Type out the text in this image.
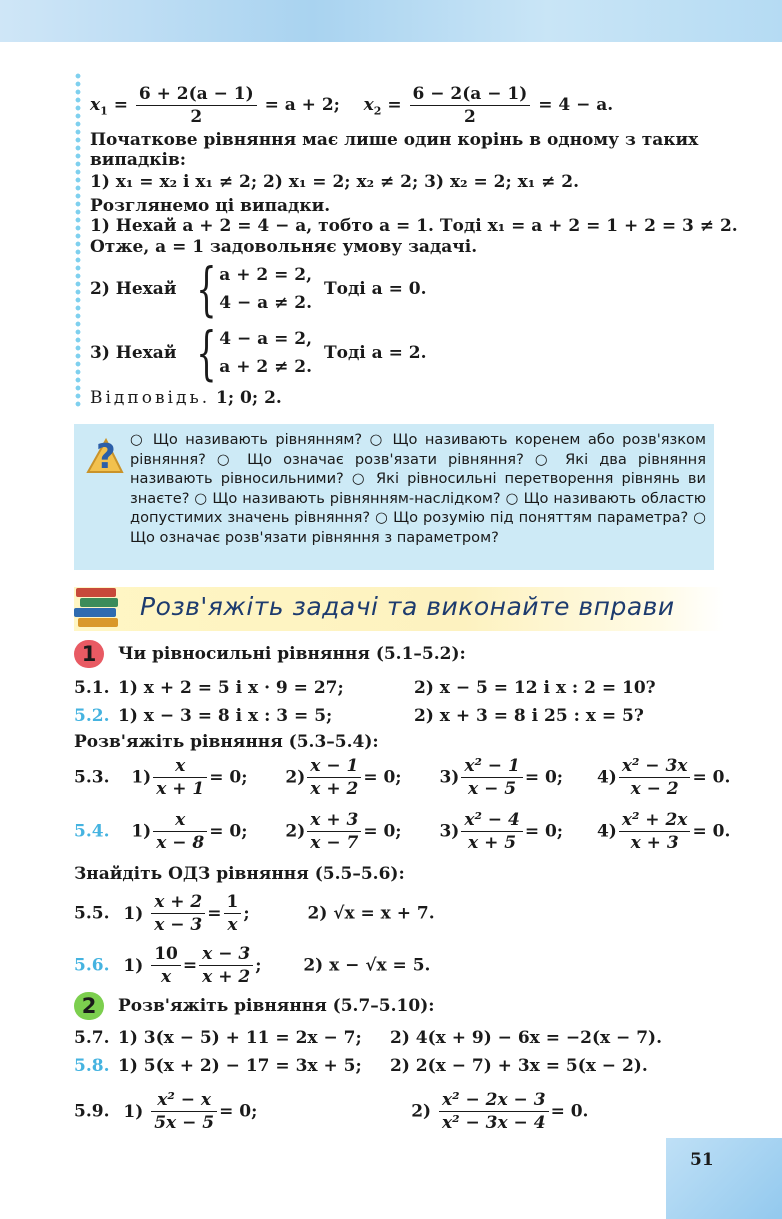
$x_1 = \frac{6 + 2(a - 1)}{2} = a + 2$; $x_2 = \frac{6 - 2(a - 1)}{2} = 4 - a$.
Початкове рівняння має лише один корінь в одному з таких
випадків:
1) x₁ = x₂ і x₁ ≠ 2; 2) x₁ = 2; x₂ ≠ 2; 3) x₂ = 2; x₁ ≠ 2.
Розглянемо ці випадки.
1) Нехай a + 2 = 4 − a, тобто a = 1. Тоді x₁ = a + 2 = 1 + 2 = 3 ≠ 2.
Отже, a = 1 задовольняє умову задачі.
2) Нехай { a + 2 = 2,
4 − a ≠ 2.
Тоді a = 0.
3) Нехай { 4 − a = 2,
a + 2 ≠ 2.
Тоді a = 2.
Відповідь. 1; 0; 2.
? ○ Що називають рівнянням? ○ Що називають коренем або розв'язком рівняння? ○ Що означає розв'язати рівняння? ○ Які два рівняння називають рівносильними? ○ Які рівносильні перетворення рівнянь ви знаєте? ○ Що називають рівнянням-наслідком? ○ Що називають областю допустимих значень рівняння? ○ Що розумію під поняттям параметра? ○ Що означає розв'язати рівняння з параметром?
Розв'яжіть задачі та виконайте вправи
1	Чи рівносильні рівняння (5.1–5.2):
5.1. 1) x + 2 = 5 і x · 9 = 27;	2) x − 5 = 12 і x : 2 = 10?
5.2. 1) x − 3 = 8 і x : 3 = 5;	2) x + 3 = 8 і 25 : x = 5?
Розв'яжіть рівняння (5.3–5.4):
5.3. $1) \frac{x}{x + 1} = 0$; $2) \frac{x - 1}{x + 2} = 0$; $3) \frac{\text{x² − 1}}{x - 5} = 0$; $4) \frac{\text{x² − 3x}}{x - 2} = 0$.
5.4. $1) \frac{x}{x - 8} = 0$; $2) \frac{x + 3}{x - 7} = 0$; $3) \frac{\text{x² − 4}}{x + 5} = 0$; $4) \frac{\text{x² + 2x}}{x + 3} = 0$.
Знайдіть ОДЗ рівняння (5.5–5.6):
5.5. $1) \frac{x + 2}{x - 3} = \frac{1}{x}$ ;	2) √x = x + 7.
5.6. $1) \frac{10}{x} = \frac{x - 3}{x + 2}$ ; 2) x − √x = 5.
2	Розв'яжіть рівняння (5.7–5.10):
5.7. 1) 3(x − 5) + 11 = 2x − 7; 2) 4(x + 9) − 6x = −2(x − 7).
5.8. 1) 5(x + 2) − 17 = 3x + 5; 2) 2(x − 7) + 3x = 5(x − 2).
5.9. $1) \frac{\text{x² − x}}{5x - 5} = 0$;	$2) \frac{\text{x² − 2x − 3}}{\text{x² − 3x − 4}} = 0$.
51
